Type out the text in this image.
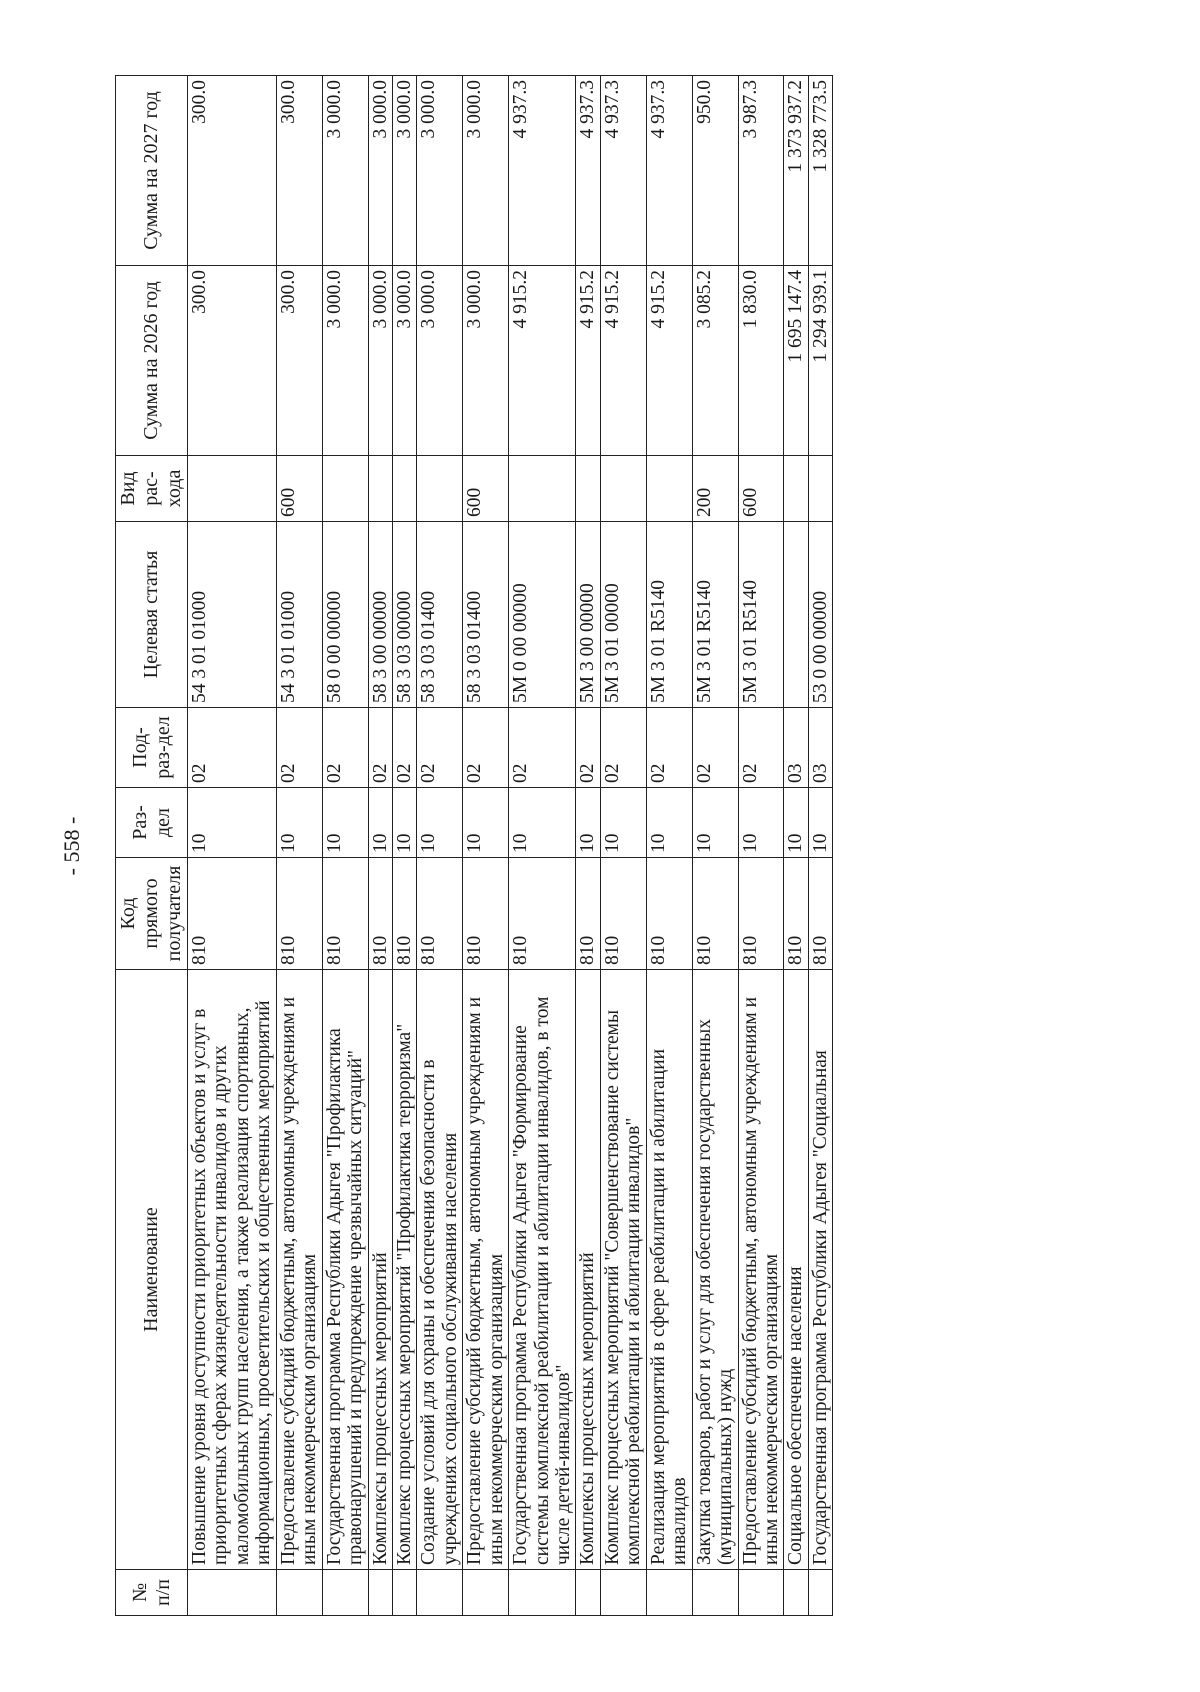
- 558 -
№ п/п	Наименование	Код прямого получателя	Раз-дел	Под-раз-дел	Целевая статья	Вид рас-хода	Сумма на 2026 год	Сумма на 2027 год
	Повышение уровня доступности приоритетных объектов и услуг в приоритетных сферах жизнедеятельности инвалидов и других маломобильных групп населения, а также реализация спортивных, информационных, просветительских и общественных мероприятий	810	10	02	54 3 01 01000		300.0	300.0
	Предоставление субсидий бюджетным, автономным учреждениям и иным некоммерческим организациям	810	10	02	54 3 01 01000	600	300.0	300.0
	Государственная программа Республики Адыгея "Профилактика правонарушений и предупреждение чрезвычайных ситуаций"	810	10	02	58 0 00 00000		3 000.0	3 000.0
	Комплексы процессных мероприятий	810	10	02	58 3 00 00000		3 000.0	3 000.0
	Комплекс процессных мероприятий "Профилактика терроризма"	810	10	02	58 3 03 00000		3 000.0	3 000.0
	Создание условий для охраны и обеспечения безопасности в учреждениях социального обслуживания населения	810	10	02	58 3 03 01400		3 000.0	3 000.0
	Предоставление субсидий бюджетным, автономным учреждениям и иным некоммерческим организациям	810	10	02	58 3 03 01400	600	3 000.0	3 000.0
	Государственная программа Республики Адыгея "Формирование системы комплексной реабилитации и абилитации инвалидов, в том числе детей-инвалидов"	810	10	02	5М 0 00 00000		4 915.2	4 937.3
	Комплексы процессных мероприятий	810	10	02	5М 3 00 00000		4 915.2	4 937.3
	Комплекс процессных мероприятий "Совершенствование системы комплексной реабилитации и абилитации инвалидов"	810	10	02	5М 3 01 00000		4 915.2	4 937.3
	Реализация мероприятий в сфере реабилитации и абилитации инвалидов	810	10	02	5М 3 01 R5140		4 915.2	4 937.3
	Закупка товаров, работ и услуг для обеспечения государственных (муниципальных) нужд	810	10	02	5М 3 01 R5140	200	3 085.2	950.0
	Предоставление субсидий бюджетным, автономным учреждениям и иным некоммерческим организациям	810	10	02	5М 3 01 R5140	600	1 830.0	3 987.3
	Социальное обеспечение населения	810	10	03			1 695 147.4	1 373 937.2
	Государственная программа Республики Адыгея "Социальная	810	10	03	53 0 00 00000		1 294 939.1	1 328 773.5
